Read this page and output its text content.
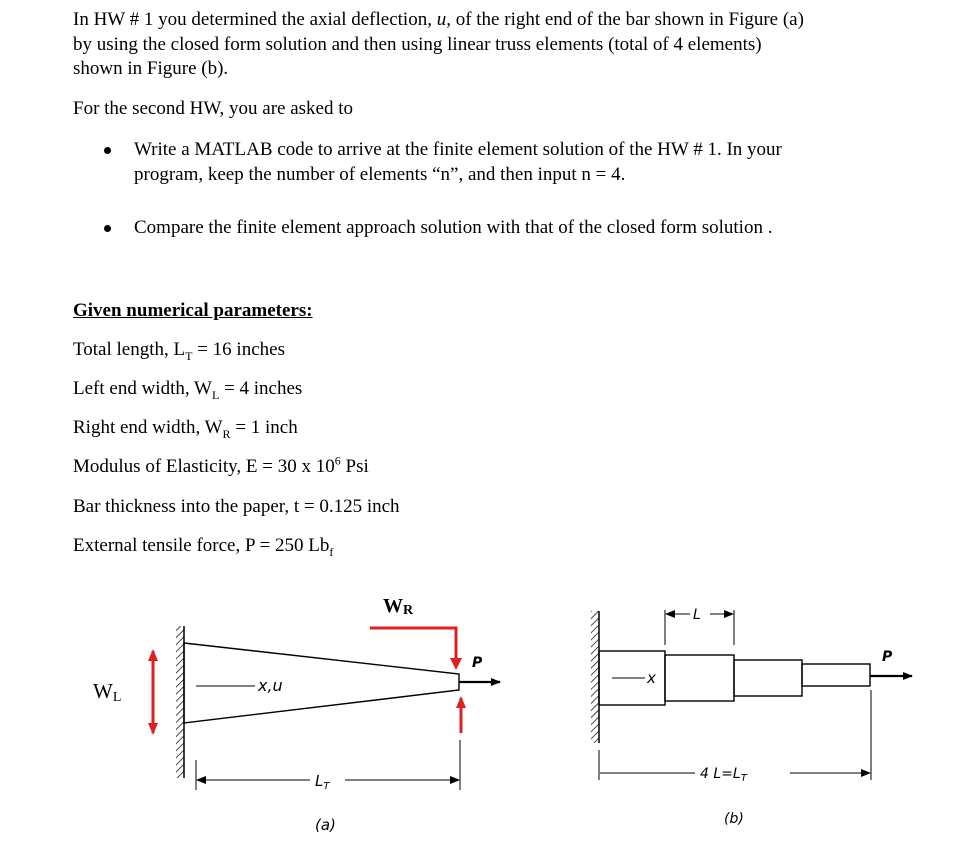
In HW # 1 you determined the axial deflection, u, of the right end of the bar shown in Figure (a)
by using the closed form solution and then using linear truss elements (total of 4 elements)
shown in Figure (b).
For the second HW, you are asked to
Write a MATLAB code to arrive at the finite element solution of the HW # 1. In your
program, keep the number of elements “n”, and then input n = 4.
Compare the finite element approach solution with that of the closed form solution .
Given numerical parameters:
Total length, $L_T = 16$ inches
Left end width, $W_L = 4$ inches
Right end width, $W_R = 1$ inch
Modulus of Elasticity, E = 30 x $10^6$ Psi
Bar thickness into the paper, t = 0.125 inch
External tensile force, P = 250 $Lb_f$
x,u
P
WL
WR
$L_T$
(a)
x
P
L
4 $L=L_T$
(b)
